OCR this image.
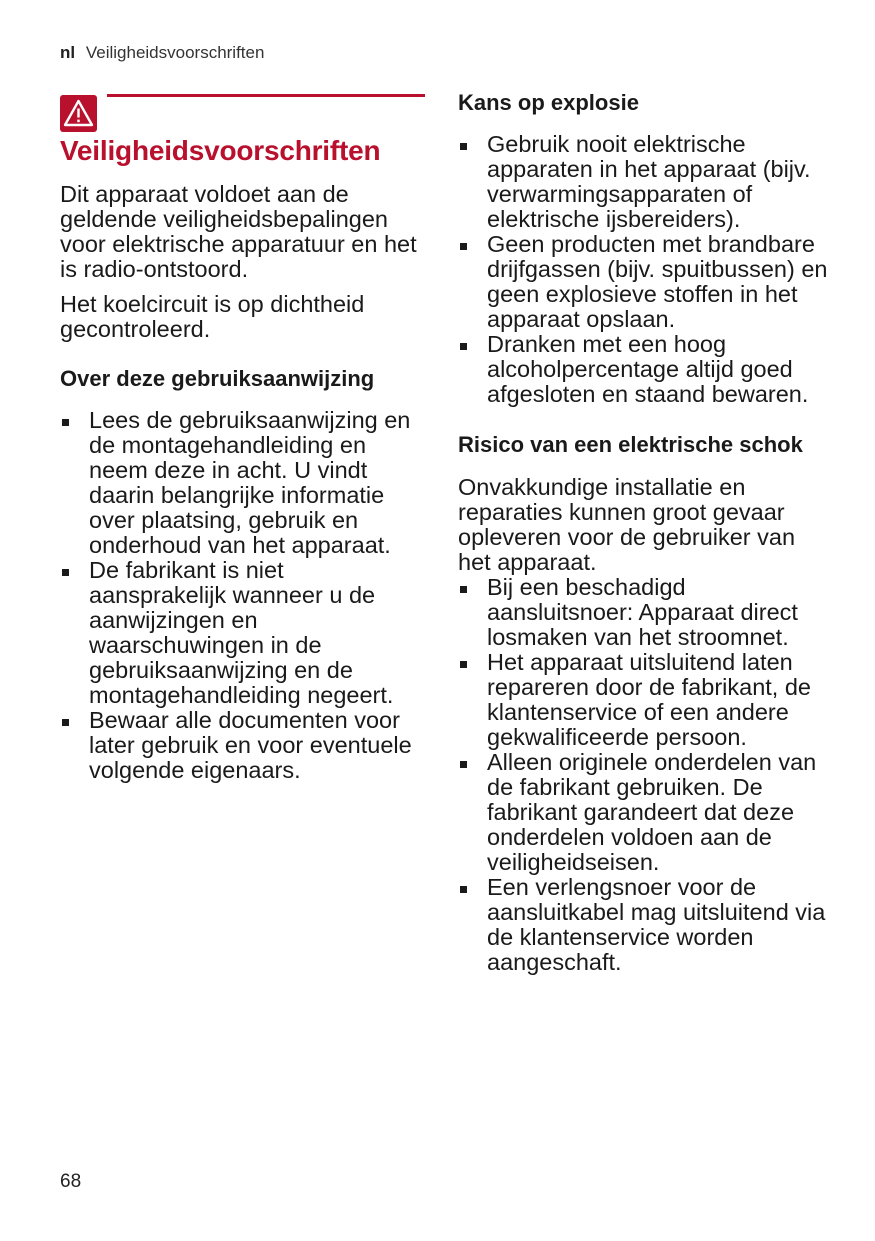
nl Veiligheidsvoorschriften
Veiligheidsvoorschriften

Dit apparaat voldoet aan de geldende veiligheidsbepalingen voor elektrische apparatuur en het is radio-ontstoord.

Het koelcircuit is op dichtheid gecontroleerd.

Over deze gebruiksaanwijzing
Lees de gebruiksaanwijzing en de montagehandleiding en neem deze in acht. U vindt daarin belangrijke informatie over plaatsing, gebruik en onderhoud van het apparaat.
De fabrikant is niet aansprakelijk wanneer u de aanwijzingen en waarschuwingen in de gebruiksaanwijzing en de montagehandleiding negeert.
Bewaar alle documenten voor later gebruik en voor eventuele volgende eigenaars.
Kans op explosie
Gebruik nooit elektrische apparaten in het apparaat (bijv. verwarmingsapparaten of elektrische ijsbereiders).
Geen producten met brandbare drijfgassen (bijv. spuitbussen) en geen explosieve stoffen in het apparaat opslaan.
Dranken met een hoog alcoholpercentage altijd goed afgesloten en staand bewaren.
Risico van een elektrische schok

Onvakkundige installatie en reparaties kunnen groot gevaar opleveren voor de gebruiker van het apparaat.

Bij een beschadigd aansluitsnoer: Apparaat direct losmaken van het stroomnet.
Het apparaat uitsluitend laten repareren door de fabrikant, de klantenservice of een andere gekwalificeerde persoon.
Alleen originele onderdelen van de fabrikant gebruiken. De fabrikant garandeert dat deze onderdelen voldoen aan de veiligheidseisen.
Een verlengsnoer voor de aansluitkabel mag uitsluitend via de klantenservice worden aangeschaft.
68
